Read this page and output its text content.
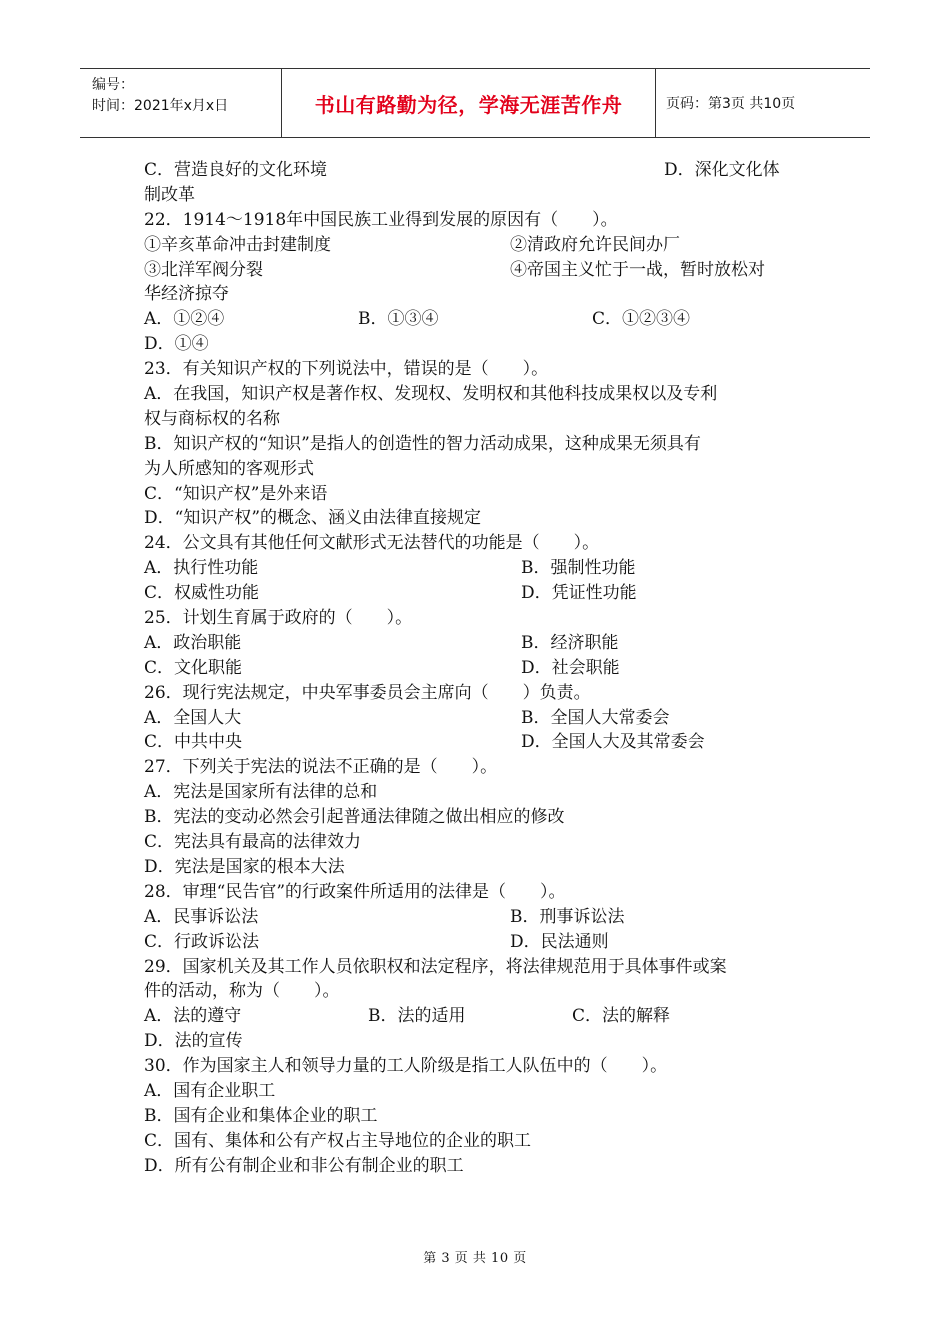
编号：
时间：2021年x月x日	书山有路勤为径，学海无涯苦作舟	页码：第3页 共10页
C．营造良好的文化环境	D．深化文化体
制改革
22．1914～1918年中国民族工业得到发展的原因有（　　）。
①辛亥革命冲击封建制度	②清政府允许民间办厂
③北洋军阀分裂	④帝国主义忙于一战，暂时放松对
华经济掠夺
A．①②④	B．①③④	C．①②③④
D．①④
23．有关知识产权的下列说法中，错误的是（　　）。
A．在我国，知识产权是著作权、发现权、发明权和其他科技成果权以及专利
权与商标权的名称
B．知识产权的“知识”是指人的创造性的智力活动成果，这种成果无须具有
为人所感知的客观形式
C．“知识产权”是外来语
D．“知识产权”的概念、涵义由法律直接规定
24．公文具有其他任何文献形式无法替代的功能是（　　）。
A．执行性功能	B．强制性功能
C．权威性功能	D．凭证性功能
25．计划生育属于政府的（　　）。
A．政治职能	B．经济职能
C．文化职能	D．社会职能
26．现行宪法规定，中央军事委员会主席向（　　）负责。
A．全国人大	B．全国人大常委会
C．中共中央	D．全国人大及其常委会
27．下列关于宪法的说法不正确的是（　　）。
A．宪法是国家所有法律的总和
B．宪法的变动必然会引起普通法律随之做出相应的修改
C．宪法具有最高的法律效力
D．宪法是国家的根本大法
28．审理“民告官”的行政案件所适用的法律是（　　）。
A．民事诉讼法	B．刑事诉讼法
C．行政诉讼法	D．民法通则
29．国家机关及其工作人员依职权和法定程序，将法律规范用于具体事件或案
件的活动，称为（　　）。
A．法的遵守	B．法的适用	C．法的解释
D．法的宣传
30．作为国家主人和领导力量的工人阶级是指工人队伍中的（　　）。
A．国有企业职工
B．国有企业和集体企业的职工
C．国有、集体和公有产权占主导地位的企业的职工
D．所有公有制企业和非公有制企业的职工
第 3 页 共 10 页
